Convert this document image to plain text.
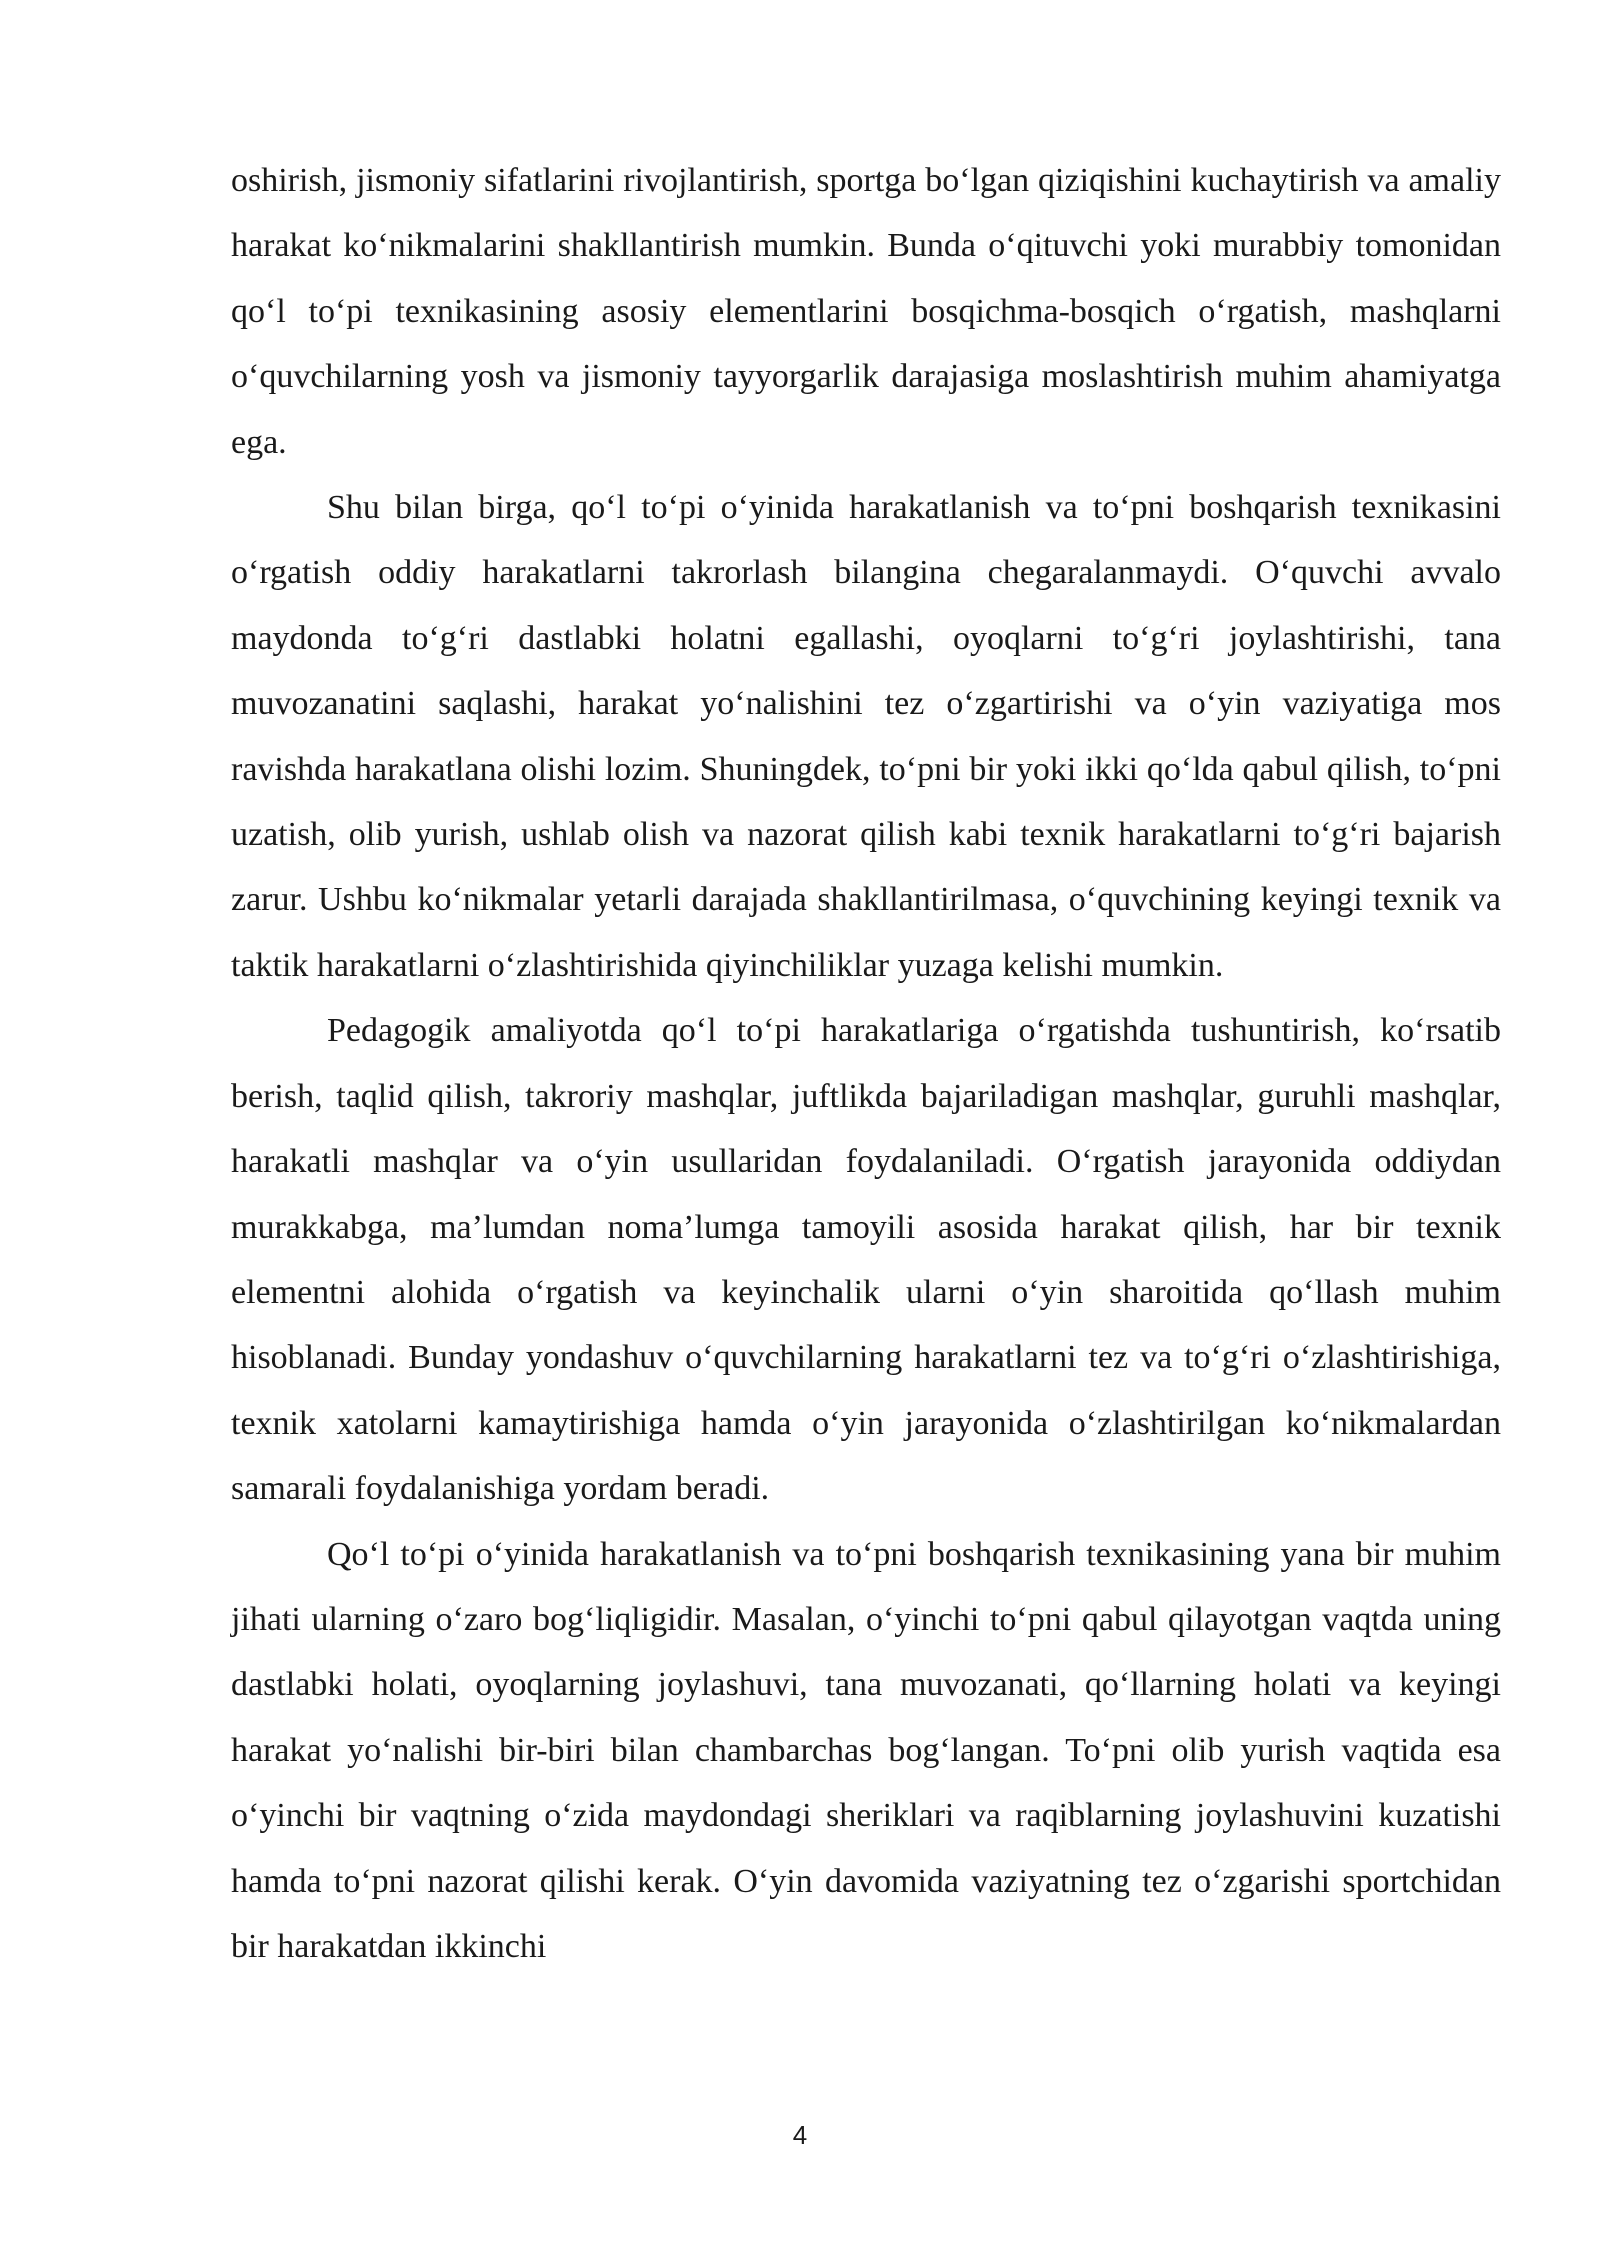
oshirish, jismoniy sifatlarini rivojlantirish, sportga bo‘lgan qiziqishini kuchaytirish va amaliy harakat ko‘nikmalarini shakllantirish mumkin. Bunda o‘qituvchi yoki murabbiy tomonidan qo‘l to‘pi texnikasining asosiy elementlarini bosqichma-bosqich o‘rgatish, mashqlarni o‘quvchilarning yosh va jismoniy tayyorgarlik darajasiga moslashtirish muhim ahamiyatga ega.

Shu bilan birga, qo‘l to‘pi o‘yinida harakatlanish va to‘pni boshqarish texnikasini o‘rgatish oddiy harakatlarni takrorlash bilangina chegaralanmaydi. O‘quvchi avvalo maydonda to‘g‘ri dastlabki holatni egallashi, oyoqlarni to‘g‘ri joylashtirishi, tana muvozanatini saqlashi, harakat yo‘nalishini tez o‘zgartirishi va o‘yin vaziyatiga mos ravishda harakatlana olishi lozim. Shuningdek, to‘pni bir yoki ikki qo‘lda qabul qilish, to‘pni uzatish, olib yurish, ushlab olish va nazorat qilish kabi texnik harakatlarni to‘g‘ri bajarish zarur. Ushbu ko‘nikmalar yetarli darajada shakllantirilmasa, o‘quvchining keyingi texnik va taktik harakatlarni o‘zlashtirishida qiyinchiliklar yuzaga kelishi mumkin.

Pedagogik amaliyotda qo‘l to‘pi harakatlariga o‘rgatishda tushuntirish, ko‘rsatib berish, taqlid qilish, takroriy mashqlar, juftlikda bajariladigan mashqlar, guruhli mashqlar, harakatli mashqlar va o‘yin usullaridan foydalaniladi. O‘rgatish jarayonida oddiydan murakkabga, ma’lumdan noma’lumga tamoyili asosida harakat qilish, har bir texnik elementni alohida o‘rgatish va keyinchalik ularni o‘yin sharoitida qo‘llash muhim hisoblanadi. Bunday yondashuv o‘quvchilarning harakatlarni tez va to‘g‘ri o‘zlashtirishiga, texnik xatolarni kamaytirishiga hamda o‘yin jarayonida o‘zlashtirilgan ko‘nikmalardan samarali foydalanishiga yordam beradi.

Qo‘l to‘pi o‘yinida harakatlanish va to‘pni boshqarish texnikasining yana bir muhim jihati ularning o‘zaro bog‘liqligidir. Masalan, o‘yinchi to‘pni qabul qilayotgan vaqtda uning dastlabki holati, oyoqlarning joylashuvi, tana muvozanati, qo‘llarning holati va keyingi harakat yo‘nalishi bir-biri bilan chambarchas bog‘langan. To‘pni olib yurish vaqtida esa o‘yinchi bir vaqtning o‘zida maydondagi sheriklari va raqiblarning joylashuvini kuzatishi hamda to‘pni nazorat qilishi kerak. O‘yin davomida vaziyatning tez o‘zgarishi sportchidan bir harakatdan ikkinchi

4
